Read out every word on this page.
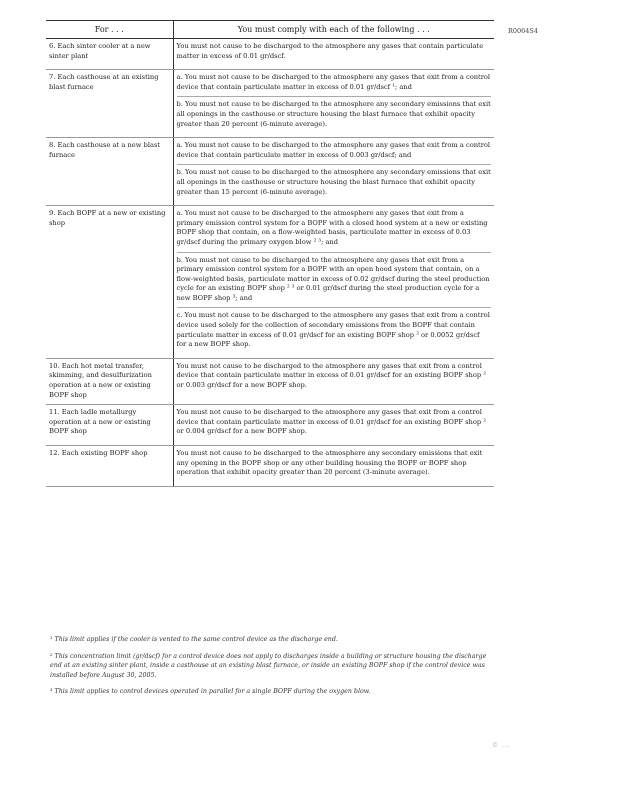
R0064S4
For . . .	You must comply with each of the following . . .
6. Each sinter cooler at a new sinter plant	You must not cause to be discharged to the atmosphere any gases that contain particulate matter in excess of 0.01 gr/dscf.

7. Each casthouse at an existing blast furnace	a. You must not cause to be discharged to the atmosphere any gases that exit from a control device that contain particulate matter in excess of 0.01 gr/dscf ¹; and
b. You must not cause to be discharged to the atmosphere any secondary emissions that exit all openings in the casthouse or structure housing the blast furnace that exhibit opacity greater than 20 percent (6-minute average).

8. Each casthouse at a new blast furnace	a. You must not cause to be discharged to the atmosphere any gases that exit from a control device that contain particulate matter in excess of 0.003 gr/dscf; and
b. You must not cause to be discharged to the atmosphere any secondary emissions that exit all openings in the casthouse or structure housing the blast furnace that exhibit opacity greater than 15 percent (6-minute average).

9. Each BOPF at a new or existing shop	a. You must not cause to be discharged to the atmosphere any gases that exit from a primary emission control system for a BOPF with a closed hood system at a new or existing BOPF shop that contain, on a flow-weighted basis, particulate matter in excess of 0.03 gr/dscf during the primary oxygen blow ² ³; and
b. You must not cause to be discharged to the atmosphere any gases that exit from a primary emission control system for a BOPF with an open hood system that contain, on a flow-weighted basis, particulate matter in excess of 0.02 gr/dscf during the steel production cycle for an existing BOPF shop ² ³ or 0.01 gr/dscf during the steel production cycle for a new BOPF shop ³; and
c. You must not cause to be discharged to the atmosphere any gases that exit from a control device used solely for the collection of secondary emissions from the BOPF that contain particulate matter in excess of 0.01 gr/dscf for an existing BOPF shop ² or 0.0052 gr/dscf for a new BOPF shop.

10. Each hot metal transfer, skimming, and desulfurization operation at a new or existing BOPF shop	You must not cause to be discharged to the atmosphere any gases that exit from a control device that contain particulate matter in excess of 0.01 gr/dscf for an existing BOPF shop ² or 0.003 gr/dscf for a new BOPF shop.

11. Each ladle metallurgy operation at a new or existing BOPF shop	You must not cause to be discharged to the atmosphere any gases that exit from a control device that contain particulate matter in excess of 0.01 gr/dscf for an existing BOPF shop ² or 0.004 gr/dscf for a new BOPF shop.

12. Each existing BOPF shop	You must not cause to be discharged to the atmosphere any secondary emissions that exit any opening in the BOPF shop or any other building housing the BOPF or BOPF shop operation that exhibit opacity greater than 20 percent (3-minute average).

¹ This limit applies if the cooler is vented to the same control device as the discharge end.

² This concentration limit (gr/dscf) for a control device does not apply to discharges inside a building or structure housing the discharge end at an existing sinter plant, inside a casthouse at an existing blast furnace, or inside an existing BOPF shop if the control device was installed before August 30, 2005.

³ This limit applies to control devices operated in parallel for a single BOPF during the oxygen blow.

© ...
